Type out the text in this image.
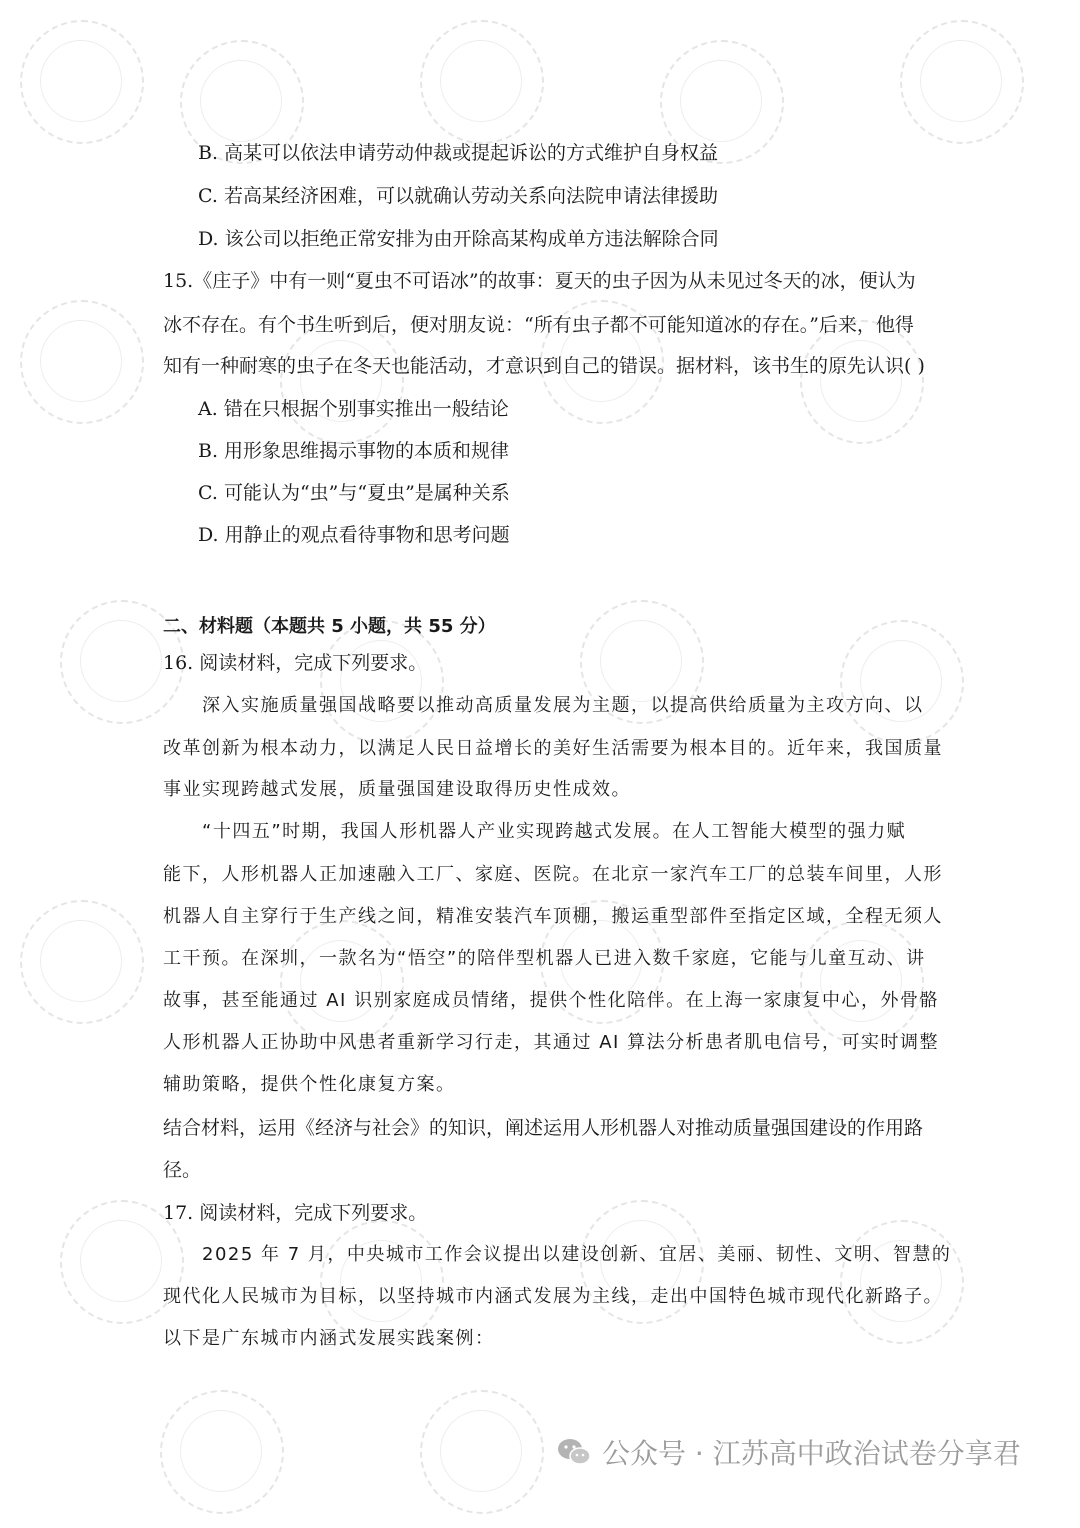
B. 高某可以依法申请劳动仲裁或提起诉讼的方式维护自身权益
C. 若高某经济困难，可以就确认劳动关系向法院申请法律援助
D. 该公司以拒绝正常安排为由开除高某构成单方违法解除合同
15.《庄子》中有一则“夏虫不可语冰”的故事：夏天的虫子因为从未见过冬天的冰，便认为
冰不存在。有个书生听到后，便对朋友说：“所有虫子都不可能知道冰的存在。”后来，他得
知有一种耐寒的虫子在冬天也能活动，才意识到自己的错误。据材料，该书生的原先认识( )
A. 错在只根据个别事实推出一般结论
B. 用形象思维揭示事物的本质和规律
C. 可能认为“虫”与“夏虫”是属种关系
D. 用静止的观点看待事物和思考问题
二、材料题（本题共 5 小题，共 55 分）
16. 阅读材料，完成下列要求。
　　深入实施质量强国战略要以推动高质量发展为主题，以提高供给质量为主攻方向、以
改革创新为根本动力，以满足人民日益增长的美好生活需要为根本目的。近年来，我国质量
事业实现跨越式发展，质量强国建设取得历史性成效。
　　“十四五”时期，我国人形机器人产业实现跨越式发展。在人工智能大模型的强力赋
能下，人形机器人正加速融入工厂、家庭、医院。在北京一家汽车工厂的总装车间里，人形
机器人自主穿行于生产线之间，精准安装汽车顶棚，搬运重型部件至指定区域，全程无须人
工干预。在深圳，一款名为“悟空”的陪伴型机器人已进入数千家庭，它能与儿童互动、讲
故事，甚至能通过 AI 识别家庭成员情绪，提供个性化陪伴。在上海一家康复中心，外骨骼
人形机器人正协助中风患者重新学习行走，其通过 AI 算法分析患者肌电信号，可实时调整
辅助策略，提供个性化康复方案。
结合材料，运用《经济与社会》的知识，阐述运用人形机器人对推动质量强国建设的作用路
径。
17. 阅读材料，完成下列要求。
　　2025 年 7 月，中央城市工作会议提出以建设创新、宜居、美丽、韧性、文明、智慧的
现代化人民城市为目标，以坚持城市内涵式发展为主线，走出中国特色城市现代化新路子。
以下是广东城市内涵式发展实践案例：
公众号 · 江苏高中政治试卷分享君
